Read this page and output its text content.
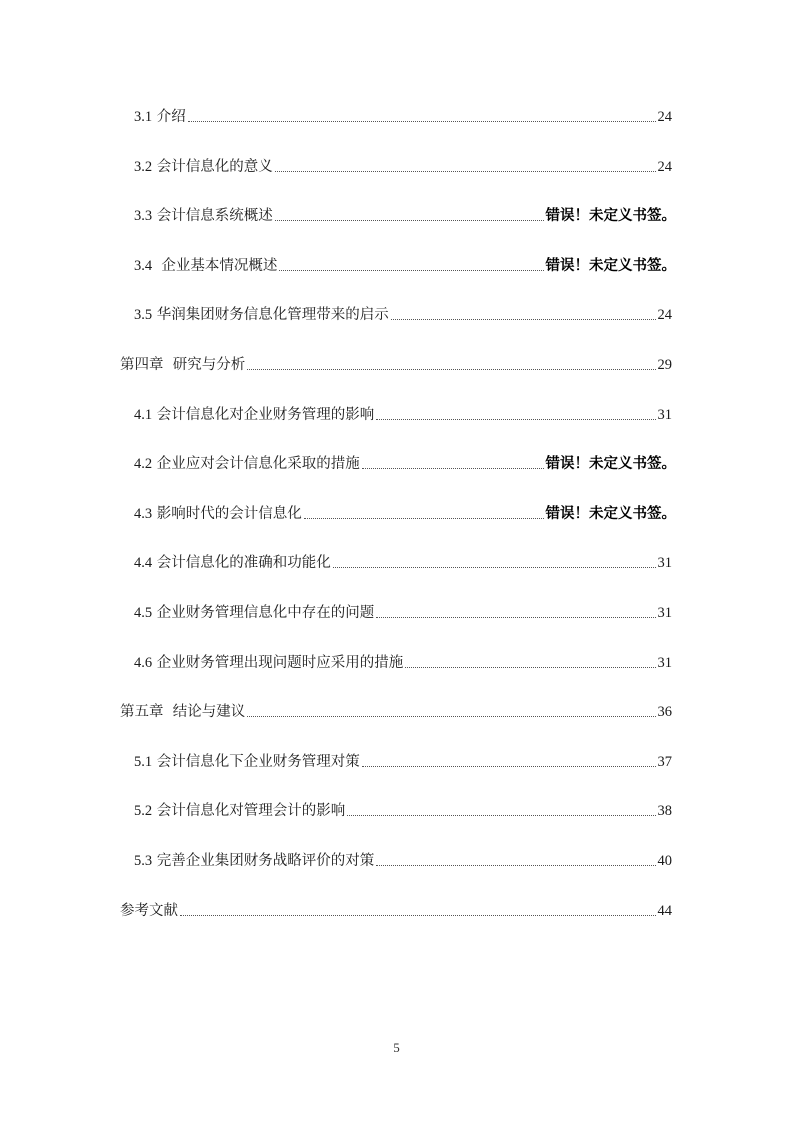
3.1 介绍	24
3.2 会计信息化的意义	24
3.3 会计信息系统概述	错误！未定义书签。
3.4  企业基本情况概述	错误！未定义书签。
3.5 华润集团财务信息化管理带来的启示	24
第四章  研究与分析	29
4.1 会计信息化对企业财务管理的影响	31
4.2 企业应对会计信息化采取的措施	错误！未定义书签。
4.3 影响时代的会计信息化	错误！未定义书签。
4.4 会计信息化的准确和功能化	31
4.5 企业财务管理信息化中存在的问题	31
4.6 企业财务管理出现问题时应采用的措施	31
第五章  结论与建议	36
5.1 会计信息化下企业财务管理对策	37
5.2 会计信息化对管理会计的影响	38
5.3 完善企业集团财务战略评价的对策	40
参考文献	44
5
